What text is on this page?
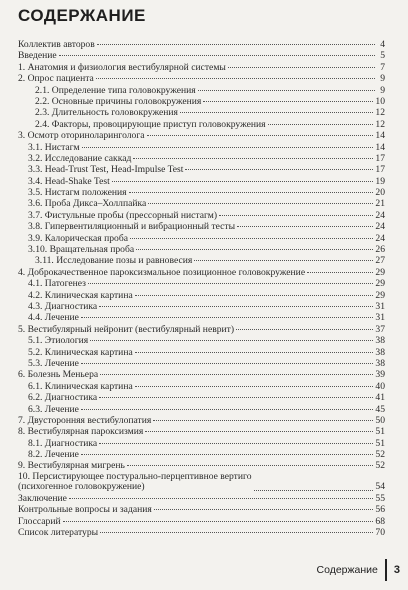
СОДЕРЖАНИЕ
Коллектив авторов	4
Введение	5
1. Анатомия и физиология вестибулярной системы	7
2. Опрос пациента	9
2.1. Определение типа головокружения	9
2.2. Основные причины головокружения	10
2.3. Длительность головокружения	12
2.4. Факторы, провоцирующие приступ головокружения	12
3. Осмотр оториноларинголога	14
3.1. Нистагм	14
3.2. Исследование саккад	17
3.3. Head-Trust Test, Head-Impulse Test	17
3.4. Head-Shake Test	19
3.5. Нистагм положения	20
3.6. Проба Дикса–Холлпайка	21
3.7. Фистульные пробы (прессорный нистагм)	24
3.8. Гипервентиляционный и вибрационный тесты	24
3.9. Калорическая проба	24
3.10. Вращательная проба	26
3.11. Исследование позы и равновесия	27
4. Доброкачественное пароксизмальное позиционное головокружение	29
4.1. Патогенез	29
4.2. Клиническая картина	29
4.3. Диагностика	31
4.4. Лечение	31
5. Вестибулярный нейронит (вестибулярный неврит)	37
5.1. Этиология	38
5.2. Клиническая картина	38
5.3. Лечение	38
6. Болезнь Меньера	39
6.1. Клиническая картина	40
6.2. Диагностика	41
6.3. Лечение	45
7. Двусторонняя вестибулопатия	50
8. Вестибулярная пароксизмия	51
8.1. Диагностика	51
8.2. Лечение	52
9. Вестибулярная мигрень	52
10. Персистирующее постурально-перцептивное вертиго
(психогенное головокружение)	54
Заключение	55
Контрольные вопросы и задания	56
Глоссарий	68
Список литературы	70
Содержание	3
